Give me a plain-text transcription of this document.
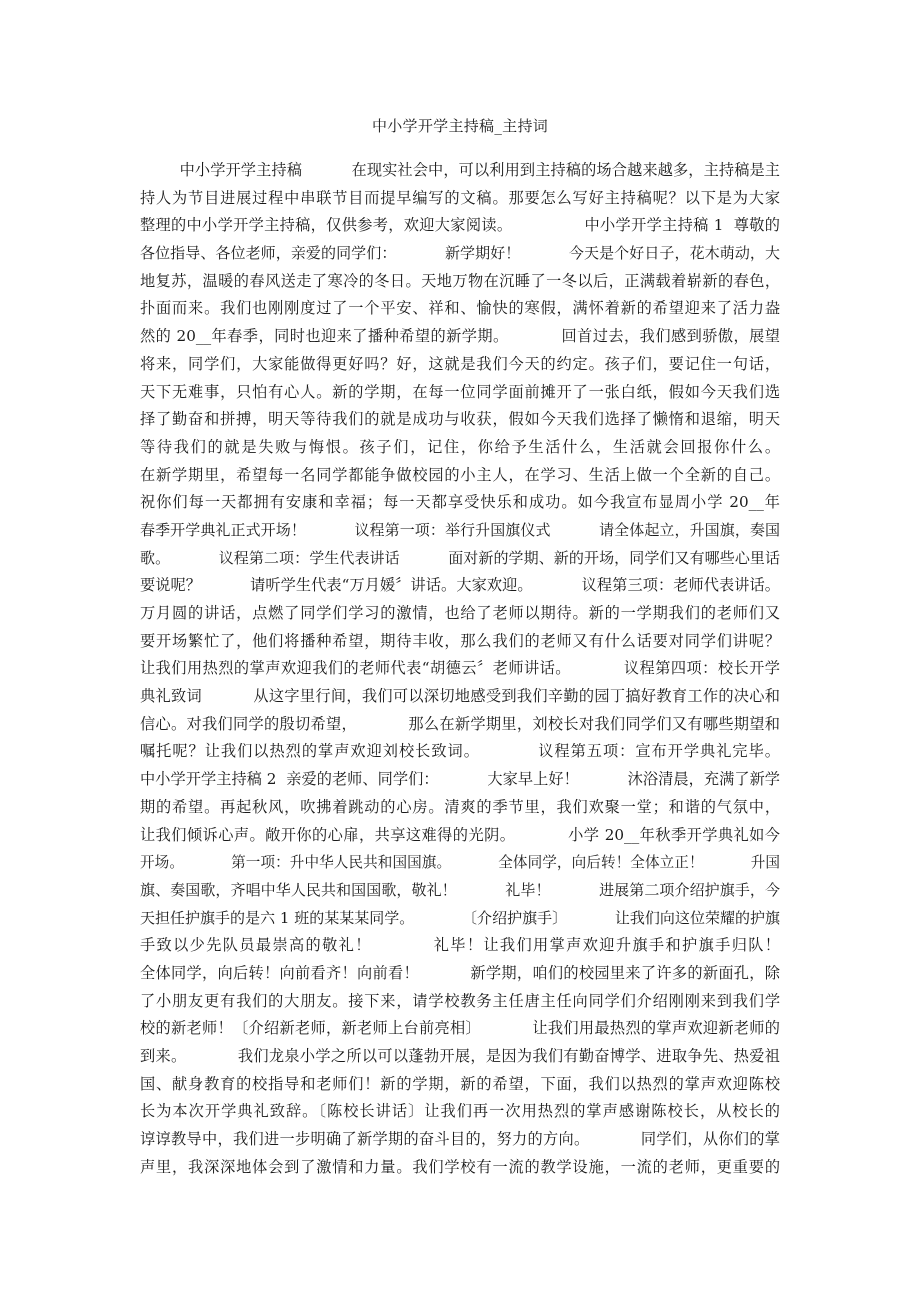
中小学开学主持稿_主持词
中小学开学主持稿          在现实社会中，可以利用到主持稿的场合越来越多，主持稿是主
持人为节目进展过程中串联节目而提早编写的文稿。那要怎么写好主持稿呢？以下是为大家
整理的中小学开学主持稿，仅供参考，欢迎大家阅读。              中小学开学主持稿 1  尊敬的
各位指导、各位老师，亲爱的同学们：          新学期好！          今天是个好日子，花木萌动，大
地复苏，温暖的春风送走了寒冷的冬日。天地万物在沉睡了一冬以后，正满载着崭新的春色，
扑面而来。我们也刚刚度过了一个平安、祥和、愉快的寒假，满怀着新的希望迎来了活力盎
然的 20__年春季，同时也迎来了播种希望的新学期。          回首过去，我们感到骄傲，展望
将来，同学们，大家能做得更好吗？好，这就是我们今天的约定。孩子们，要记住一句话，
天下无难事，只怕有心人。新的学期，在每一位同学面前摊开了一张白纸，假如今天我们选
择了勤奋和拼搏，明天等待我们的就是成功与收获，假如今天我们选择了懒惰和退缩，明天
等待我们的就是失败与悔恨。孩子们，记住，你给予生活什么，生活就会回报你什么。
在新学期里，希望每一名同学都能争做校园的小主人，在学习、生活上做一个全新的自己。
祝你们每一天都拥有安康和幸福；每一天都享受快乐和成功。如今我宣布显周小学 20__年
春季开学典礼正式开场！          议程第一项：举行升国旗仪式          请全体起立，升国旗，奏国
歌。          议程第二项：学生代表讲话          面对新的学期、新的开场，同学们又有哪些心里话
要说呢？          请听学生代表“万月媛〞讲话。大家欢迎。          议程第三项：老师代表讲话。
万月圆的讲话，点燃了同学们学习的激情，也给了老师以期待。新的一学期我们的老师们又
要开场繁忙了，他们将播种希望，期待丰收，那么我们的老师又有什么话要对同学们讲呢？
让我们用热烈的掌声欢迎我们的老师代表“胡德云〞老师讲话。          议程第四项：校长开学
典礼致词          从这字里行间，我们可以深切地感受到我们辛勤的园丁搞好教育工作的决心和
信心。对我们同学的殷切希望，          那么在新学期里，刘校长对我们同学们又有哪些期望和
嘱托呢？让我们以热烈的掌声欢迎刘校长致词。          议程第五项：宣布开学典礼完毕。
中小学开学主持稿 2  亲爱的老师、同学们：          大家早上好！          沐浴清晨，充满了新学
期的希望。再起秋风，吹拂着跳动的心房。清爽的季节里，我们欢聚一堂；和谐的气氛中，
让我们倾诉心声。敞开你的心扉，共享这难得的光阴。          小学 20__年秋季开学典礼如今
开场。          第一项：升中华人民共和国国旗。          全体同学，向后转！全体立正！          升国
旗、奏国歌，齐唱中华人民共和国国歌，敬礼！          礼毕！          进展第二项介绍护旗手，今
天担任护旗手的是六 1 班的某某某同学。          〔介绍护旗手〕          让我们向这位荣耀的护旗
手致以少先队员最崇高的敬礼！          礼毕！让我们用掌声欢迎升旗手和护旗手归队！
全体同学，向后转！向前看齐！向前看！          新学期，咱们的校园里来了许多的新面孔，除
了小朋友更有我们的大朋友。接下来，请学校教务主任唐主任向同学们介绍刚刚来到我们学
校的新老师！〔介绍新老师，新老师上台前亮相〕          让我们用最热烈的掌声欢迎新老师的
到来。          我们龙泉小学之所以可以蓬勃开展，是因为我们有勤奋博学、进取争先、热爱祖
国、献身教育的校指导和老师们！新的学期，新的希望，下面，我们以热烈的掌声欢迎陈校
长为本次开学典礼致辞。〔陈校长讲话〕让我们再一次用热烈的掌声感谢陈校长，从校长的
谆谆教导中，我们进一步明确了新学期的奋斗目的，努力的方向。          同学们，从你们的掌
声里，我深深地体会到了激情和力量。我们学校有一流的教学设施，一流的老师，更重要的
